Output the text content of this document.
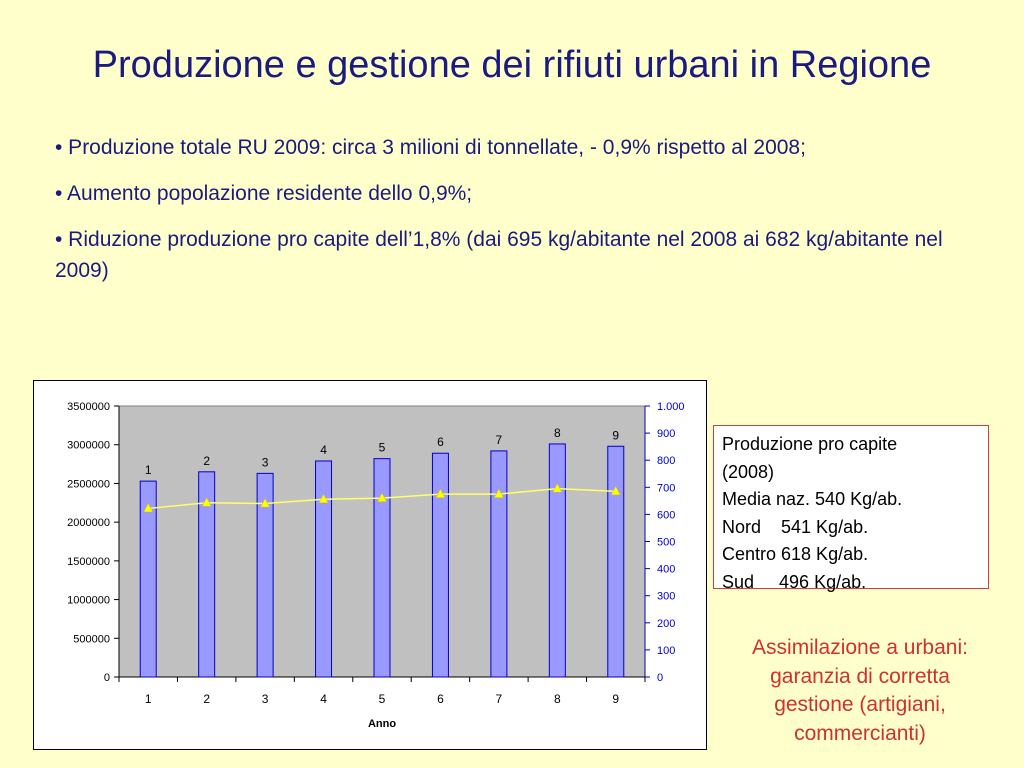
Produzione e gestione dei rifiuti urbani in Regione
• Produzione totale RU 2009: circa 3 milioni di tonnellate, - 0,9% rispetto al 2008;
• Aumento popolazione residente dello 0,9%;
• Riduzione produzione pro capite dell’1,8% (dai 695 kg/abitante nel 2008 ai 682 kg/abitante nel 2009)
0
500000
1000000
1500000
2000000
2500000
3000000
3500000
0
100
200
300
400
500
600
700
800
900
1.000
1	2	3	4	5	6	7	8	9
Anno
1
2	3
4	5	6	7	8	9	Produzione pro capite
(2008)
Media naz. 540 Kg/ab.
Nord    541 Kg/ab.
Centro 618 Kg/ab.
Sud     496 Kg/ab.
Assimilazione a urbani:
garanzia di corretta
gestione (artigiani,
commercianti)
